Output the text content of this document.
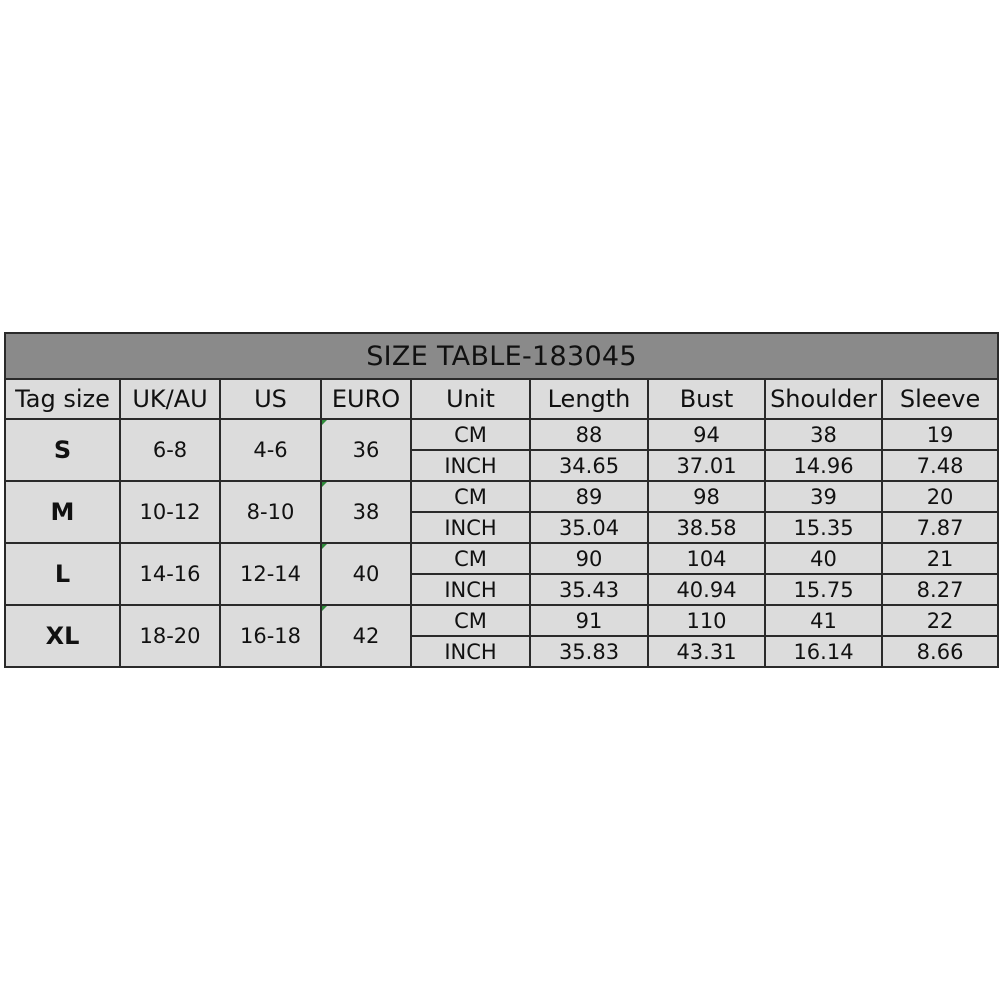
SIZE TABLE-183045								
Tag size	UK/AU	US	EURO	Unit	Length	Bust	Shoulder	Sleeve
S	6-8	4-6	36	CM	88	94	38	19
				INCH	34.65	37.01	14.96	7.48
M	10-12	8-10	38	CM	89	98	39	20
				INCH	35.04	38.58	15.35	7.87
L	14-16	12-14	40	CM	90	104	40	21
				INCH	35.43	40.94	15.75	8.27
XL	18-20	16-18	42	CM	91	110	41	22
				INCH	35.83	43.31	16.14	8.66
